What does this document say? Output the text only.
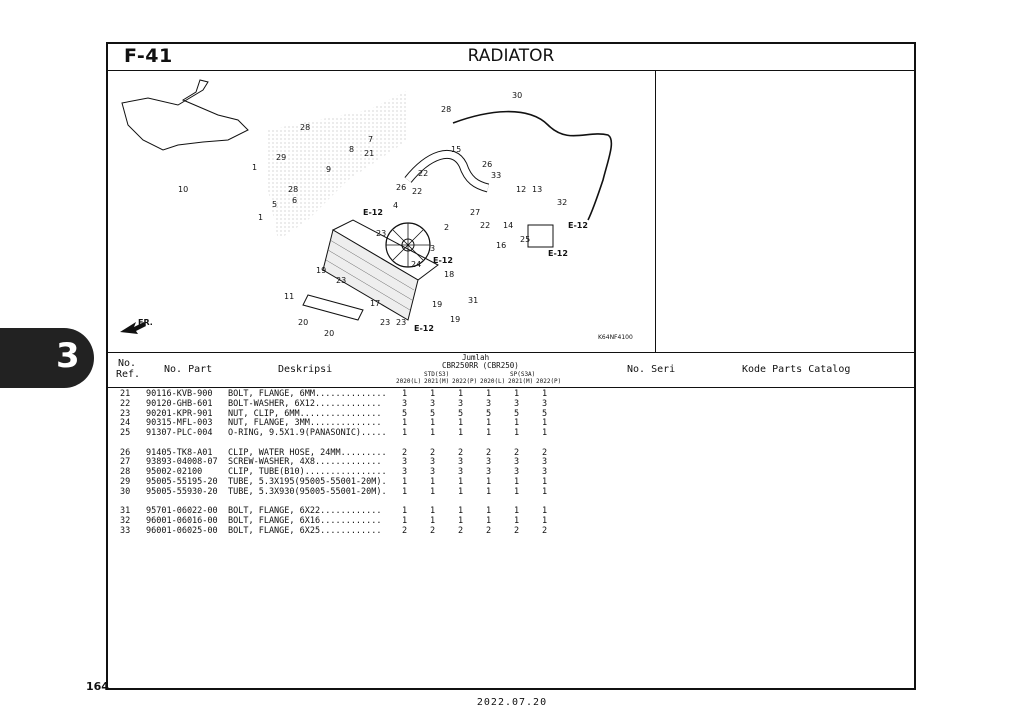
F-41	RADIATOR
FR.
10
1
5 6
28
29
28
7
8 21
9
26
28
30
15
26
33
22
22
4
27
22
2	14
12 13
32
25
16
23
3
24
19
23
18
31
19
19
11
17
23 23
20
20
1
E-12
E-12
E-12
E-12
E-12
K64NF4100
No.
Ref. No. Part	Deskripsi
Jumlah
CBR250RR (CBR250)
STD(S3)	SP(S3A)
2020(L) 2021(M) 2022(P) 2020(L) 2021(M) 2022(P)
No. Seri	Kode Parts Catalog
21 90116-KVB-900 BOLT, FLANGE, 6MM.............. 1	1	1	1	1	1
22 90120-GHB-601 BOLT-WASHER, 6X12............. 3	3	3	3	3	3
23 90201-KPR-901 NUT, CLIP, 6MM................ 5	5	5	5	5	5
24 90315-MFL-003 NUT, FLANGE, 3MM.............. 1	1	1	1	1	1
25 91307-PLC-004 O-RING, 9.5X1.9(PANASONIC)..... 1	1	1	1	1	1
26 91405-TK8-A01 CLIP, WATER HOSE, 24MM......... 2	2	2	2	2	2
27 93893-04008-07 SCREW-WASHER, 4X8............. 3	3	3	3	3	3
28 95002-02100	CLIP, TUBE(B10)................ 3	3	3	3	3	3
29 95005-55195-20 TUBE, 5.3X195(95005-55001-20M). 1	1	1	1	1	1
30 95005-55930-20 TUBE, 5.3X930(95005-55001-20M). 1	1	1	1	1	1
31 95701-06022-00 BOLT, FLANGE, 6X22............ 1	1	1	1	1	1
32 96001-06016-00 BOLT, FLANGE, 6X16............ 1	1	1	1	1	1
33 96001-06025-00 BOLT, FLANGE, 6X25............ 2	2	2	2	2	2
3
164
2022.07.20
